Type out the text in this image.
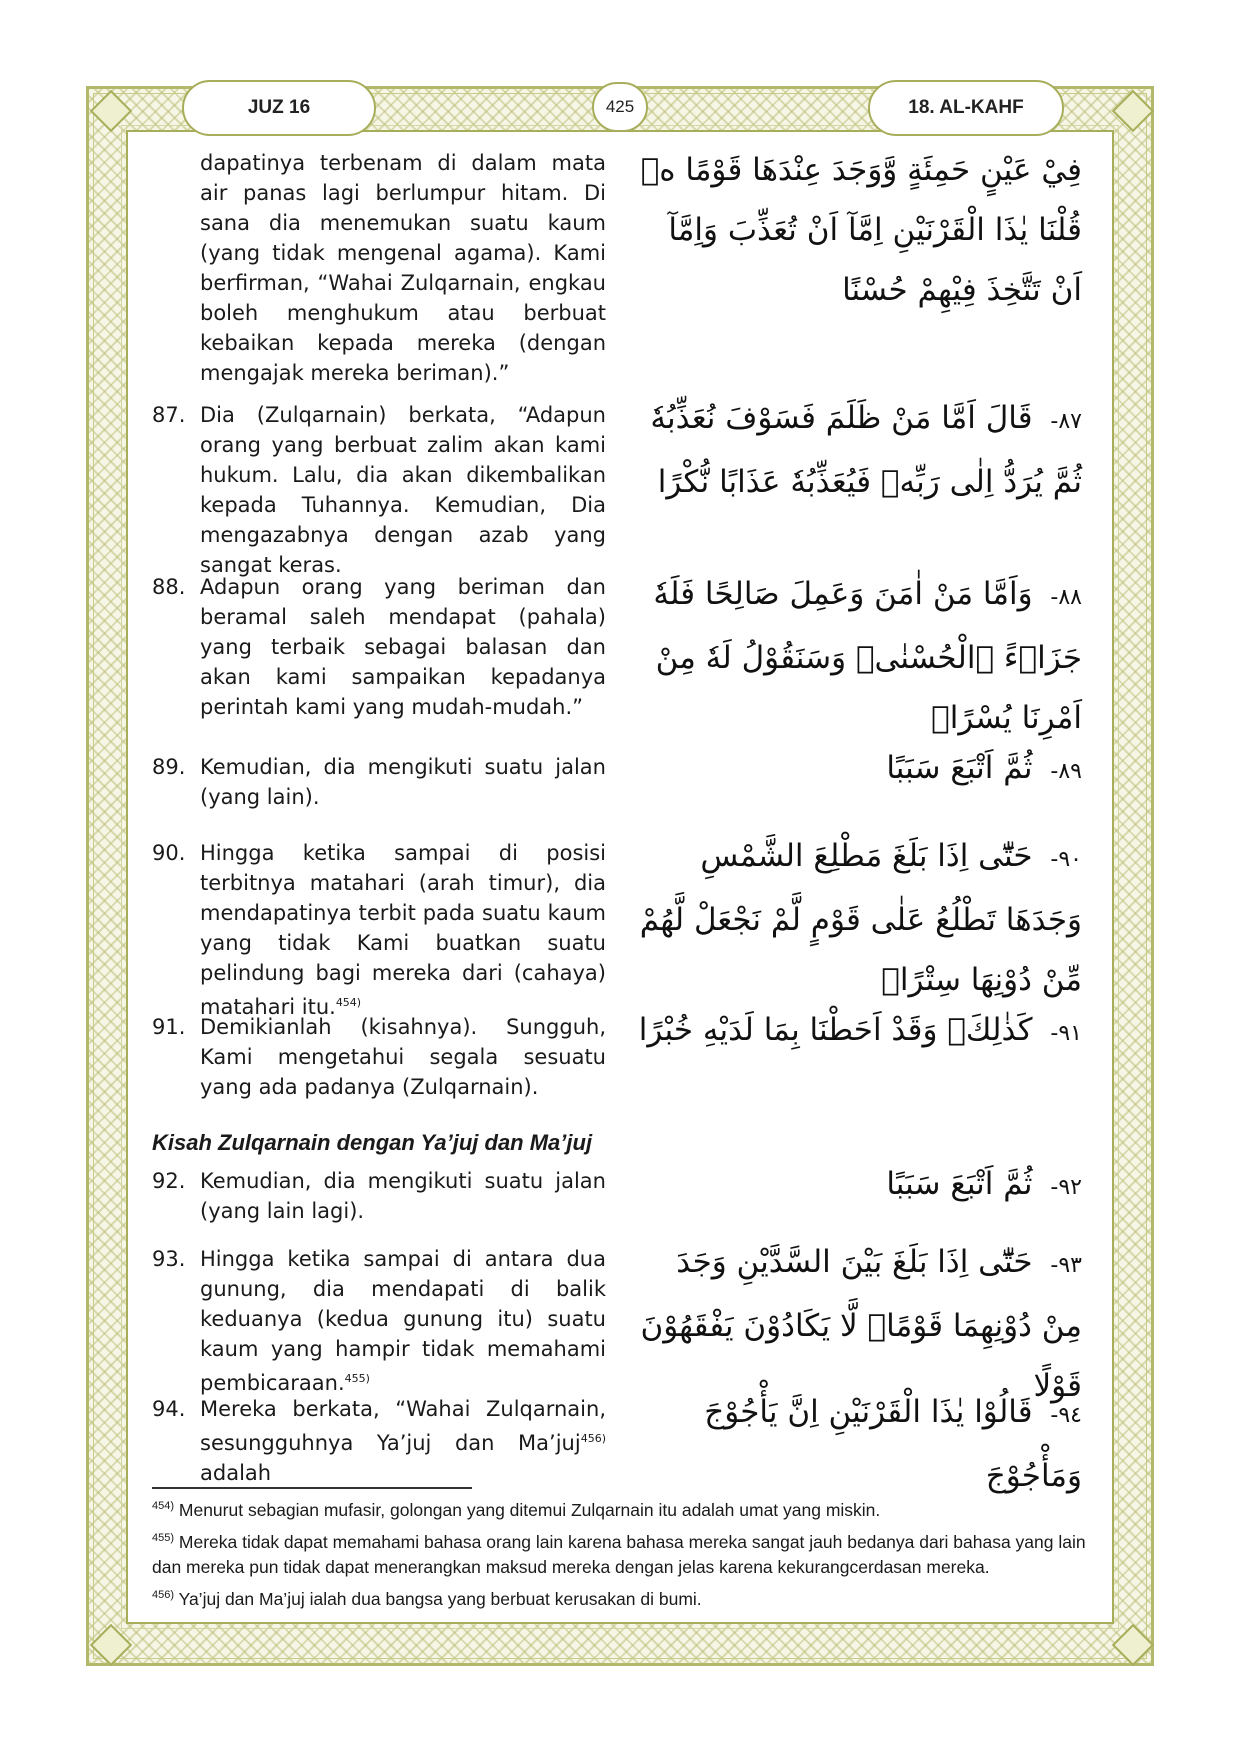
JUZ 16	425	18. AL-KAHF
dapatinya terbenam di dalam mata air panas lagi berlumpur hitam. Di sana dia menemukan suatu kaum (yang tidak mengenal agama). Kami berfirman, “Wahai Zulqarnain, engkau boleh menghukum atau berbuat kebaikan kepada mereka (dengan mengajak mereka beriman).”
فِيْ عَيْنٍ حَمِئَةٍ وَّوَجَدَ عِنْدَهَا قَوْمًا ەۗ قُلْنَا يٰذَا الْقَرْنَيْنِ اِمَّآ اَنْ تُعَذِّبَ وَاِمَّآ اَنْ تَتَّخِذَ فِيْهِمْ حُسْنًا
87. Dia (Zulqarnain) berkata, “Adapun orang yang berbuat zalim akan kami hukum. Lalu, dia akan dikembalikan kepada Tuhannya. Kemudian, Dia mengazabnya dengan azab yang sangat keras.
٨٧- قَالَ اَمَّا مَنْ ظَلَمَ فَسَوْفَ نُعَذِّبُهٗ ثُمَّ يُرَدُّ اِلٰى رَبِّهٖ فَيُعَذِّبُهٗ عَذَابًا نُّكْرًا
88. Adapun orang yang beriman dan beramal saleh mendapat (pahala) yang terbaik sebagai balasan dan akan kami sampaikan kepadanya perintah kami yang mudah-mudah.”
٨٨- وَاَمَّا مَنْ اٰمَنَ وَعَمِلَ صَالِحًا فَلَهٗ جَزَاۤءً ۨالْحُسْنٰىۚ وَسَنَقُوْلُ لَهٗ مِنْ اَمْرِنَا يُسْرًاۗ
89. Kemudian, dia mengikuti suatu jalan (yang lain).
٨٩- ثُمَّ اَتْبَعَ سَبَبًا
90. Hingga ketika sampai di posisi terbitnya matahari (arah timur), dia mendapatinya terbit pada suatu kaum yang tidak Kami buatkan suatu pelindung bagi mereka dari (cahaya) matahari itu.$^{454)}$
٩٠- حَتّٰٓى اِذَا بَلَغَ مَطْلِعَ الشَّمْسِ وَجَدَهَا تَطْلُعُ عَلٰى قَوْمٍ لَّمْ نَجْعَلْ لَّهُمْ مِّنْ دُوْنِهَا سِتْرًاۙ
91. Demikianlah (kisahnya). Sungguh, Kami mengetahui segala sesuatu yang ada padanya (Zulqarnain).
٩١- كَذٰلِكَۗ وَقَدْ اَحَطْنَا بِمَا لَدَيْهِ خُبْرًا
Kisah Zulqarnain dengan Ya’juj dan Ma’juj
92. Kemudian, dia mengikuti suatu jalan (yang lain lagi).
٩٢- ثُمَّ اَتْبَعَ سَبَبًا
93. Hingga ketika sampai di antara dua gunung, dia mendapati di balik keduanya (kedua gunung itu) suatu kaum yang hampir tidak memahami pembicaraan.$^{455)}$
٩٣- حَتّٰٓى اِذَا بَلَغَ بَيْنَ السَّدَّيْنِ وَجَدَ مِنْ دُوْنِهِمَا قَوْمًاۙ لَّا يَكَادُوْنَ يَفْقَهُوْنَ قَوْلًا
94. Mereka berkata, “Wahai Zulqarnain, sesungguhnya Ya’juj dan Ma’juj$^{456)}$ adalah
٩٤- قَالُوْا يٰذَا الْقَرْنَيْنِ اِنَّ يَأْجُوْجَ وَمَأْجُوْجَ

$^{454)}$ Menurut sebagian mufasir, golongan yang ditemui Zulqarnain itu adalah umat yang miskin.

$^{455)}$ Mereka tidak dapat memahami bahasa orang lain karena bahasa mereka sangat jauh bedanya dari bahasa yang lain dan mereka pun tidak dapat menerangkan maksud mereka dengan jelas karena kekurangcerdasan mereka.

$^{456)}$ Ya’juj dan Ma’juj ialah dua bangsa yang berbuat kerusakan di bumi.
